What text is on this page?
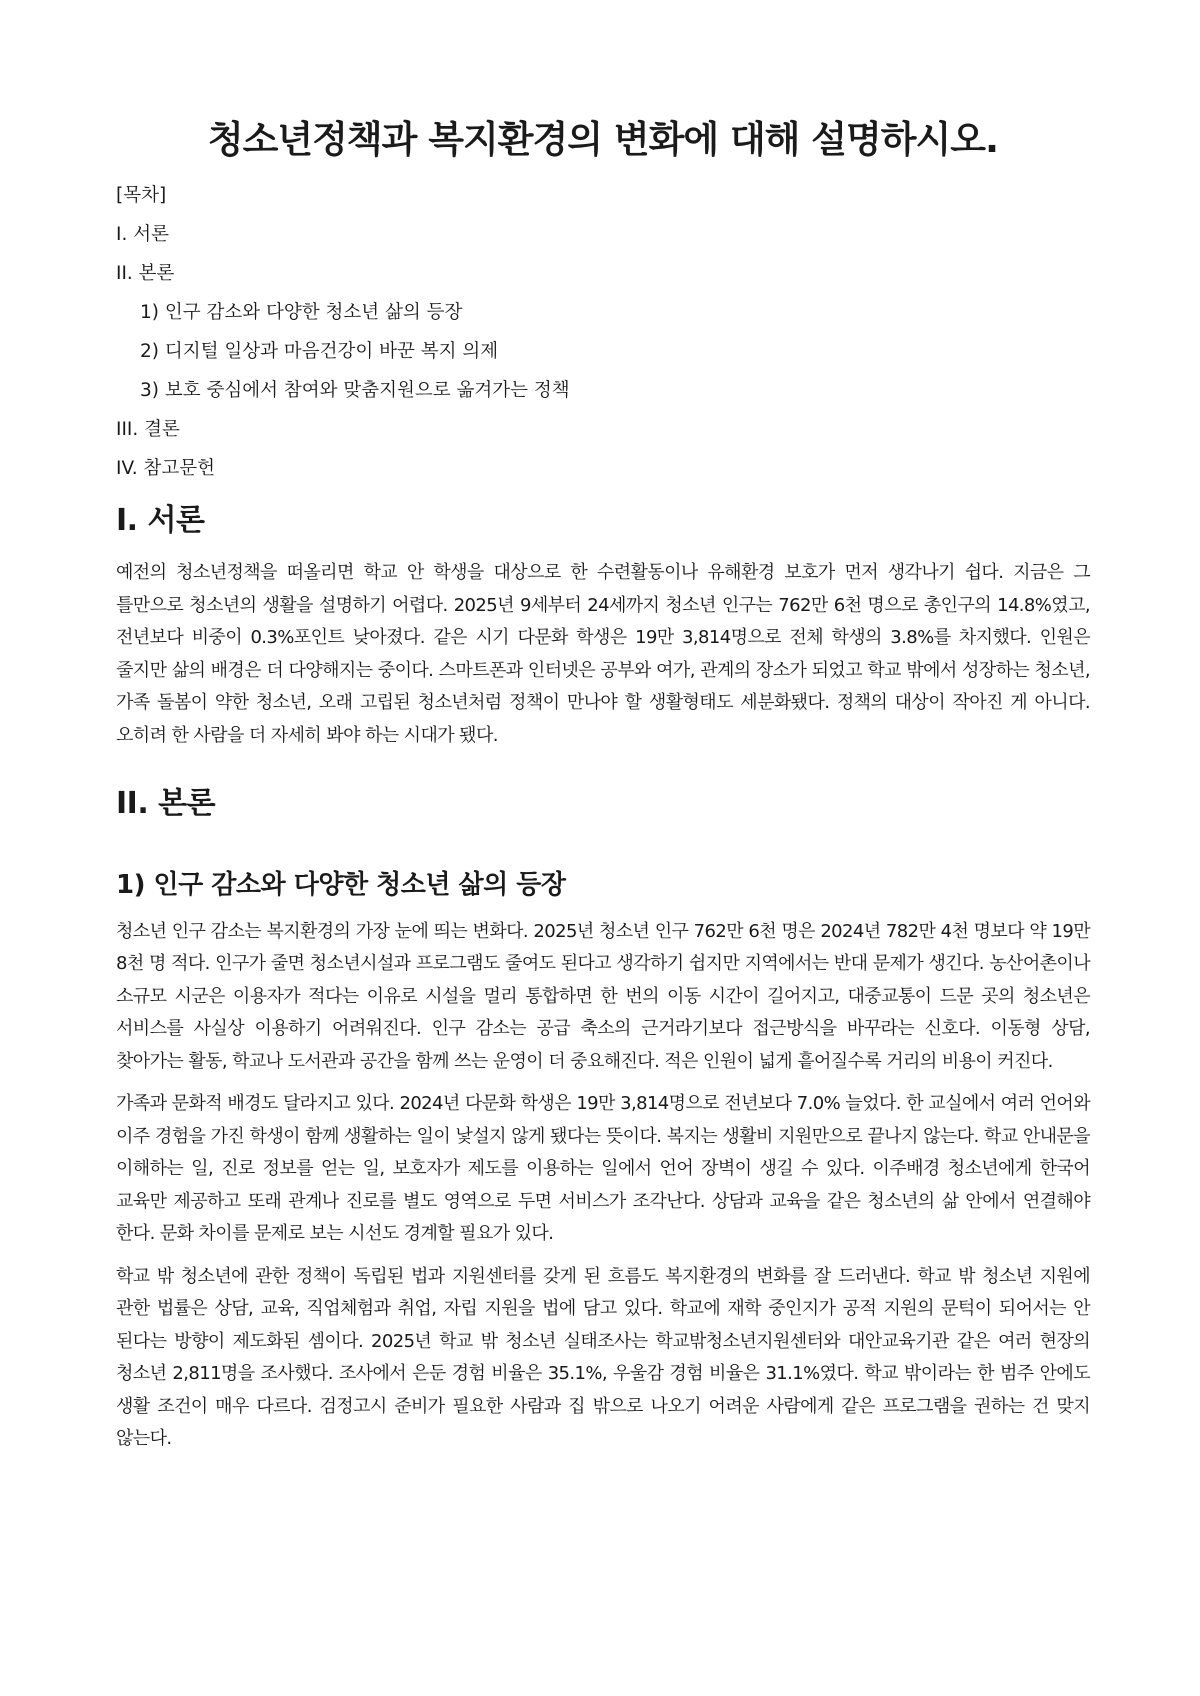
청소년정책과 복지환경의 변화에 대해 설명하시오.
[목차]
I. 서론
II. 본론
1) 인구 감소와 다양한 청소년 삶의 등장
2) 디지털 일상과 마음건강이 바꾼 복지 의제
3) 보호 중심에서 참여와 맞춤지원으로 옮겨가는 정책
III. 결론
IV. 참고문헌
I. 서론

예전의 청소년정책을 떠올리면 학교 안 학생을 대상으로 한 수련활동이나 유해환경 보호가 먼저 생각나기 쉽다. 지금은 그 틀만으로 청소년의 생활을 설명하기 어렵다. 2025년 9세부터 24세까지 청소년 인구는 762만 6천 명으로 총인구의 14.8%였고, 전년보다 비중이 0.3%포인트 낮아졌다. 같은 시기 다문화 학생은 19만 3,814명으로 전체 학생의 3.8%를 차지했다. 인원은 줄지만 삶의 배경은 더 다양해지는 중이다. 스마트폰과 인터넷은 공부와 여가, 관계의 장소가 되었고 학교 밖에서 성장하는 청소년, 가족 돌봄이 약한 청소년, 오래 고립된 청소년처럼 정책이 만나야 할 생활형태도 세분화됐다. 정책의 대상이 작아진 게 아니다. 오히려 한 사람을 더 자세히 봐야 하는 시대가 됐다.

II. 본론
1) 인구 감소와 다양한 청소년 삶의 등장

청소년 인구 감소는 복지환경의 가장 눈에 띄는 변화다. 2025년 청소년 인구 762만 6천 명은 2024년 782만 4천 명보다 약 19만 8천 명 적다. 인구가 줄면 청소년시설과 프로그램도 줄여도 된다고 생각하기 쉽지만 지역에서는 반대 문제가 생긴다. 농산어촌이나 소규모 시군은 이용자가 적다는 이유로 시설을 멀리 통합하면 한 번의 이동 시간이 길어지고, 대중교통이 드문 곳의 청소년은 서비스를 사실상 이용하기 어려워진다. 인구 감소는 공급 축소의 근거라기보다 접근방식을 바꾸라는 신호다. 이동형 상담, 찾아가는 활동, 학교나 도서관과 공간을 함께 쓰는 운영이 더 중요해진다. 적은 인원이 넓게 흩어질수록 거리의 비용이 커진다.

가족과 문화적 배경도 달라지고 있다. 2024년 다문화 학생은 19만 3,814명으로 전년보다 7.0% 늘었다. 한 교실에서 여러 언어와 이주 경험을 가진 학생이 함께 생활하는 일이 낯설지 않게 됐다는 뜻이다. 복지는 생활비 지원만으로 끝나지 않는다. 학교 안내문을 이해하는 일, 진로 정보를 얻는 일, 보호자가 제도를 이용하는 일에서 언어 장벽이 생길 수 있다. 이주배경 청소년에게 한국어 교육만 제공하고 또래 관계나 진로를 별도 영역으로 두면 서비스가 조각난다. 상담과 교육을 같은 청소년의 삶 안에서 연결해야 한다. 문화 차이를 문제로 보는 시선도 경계할 필요가 있다.

학교 밖 청소년에 관한 정책이 독립된 법과 지원센터를 갖게 된 흐름도 복지환경의 변화를 잘 드러낸다. 학교 밖 청소년 지원에 관한 법률은 상담, 교육, 직업체험과 취업, 자립 지원을 법에 담고 있다. 학교에 재학 중인지가 공적 지원의 문턱이 되어서는 안 된다는 방향이 제도화된 셈이다. 2025년 학교 밖 청소년 실태조사는 학교밖청소년지원센터와 대안교육기관 같은 여러 현장의 청소년 2,811명을 조사했다. 조사에서 은둔 경험 비율은 35.1%, 우울감 경험 비율은 31.1%였다. 학교 밖이라는 한 범주 안에도 생활 조건이 매우 다르다. 검정고시 준비가 필요한 사람과 집 밖으로 나오기 어려운 사람에게 같은 프로그램을 권하는 건 맞지 않는다.
